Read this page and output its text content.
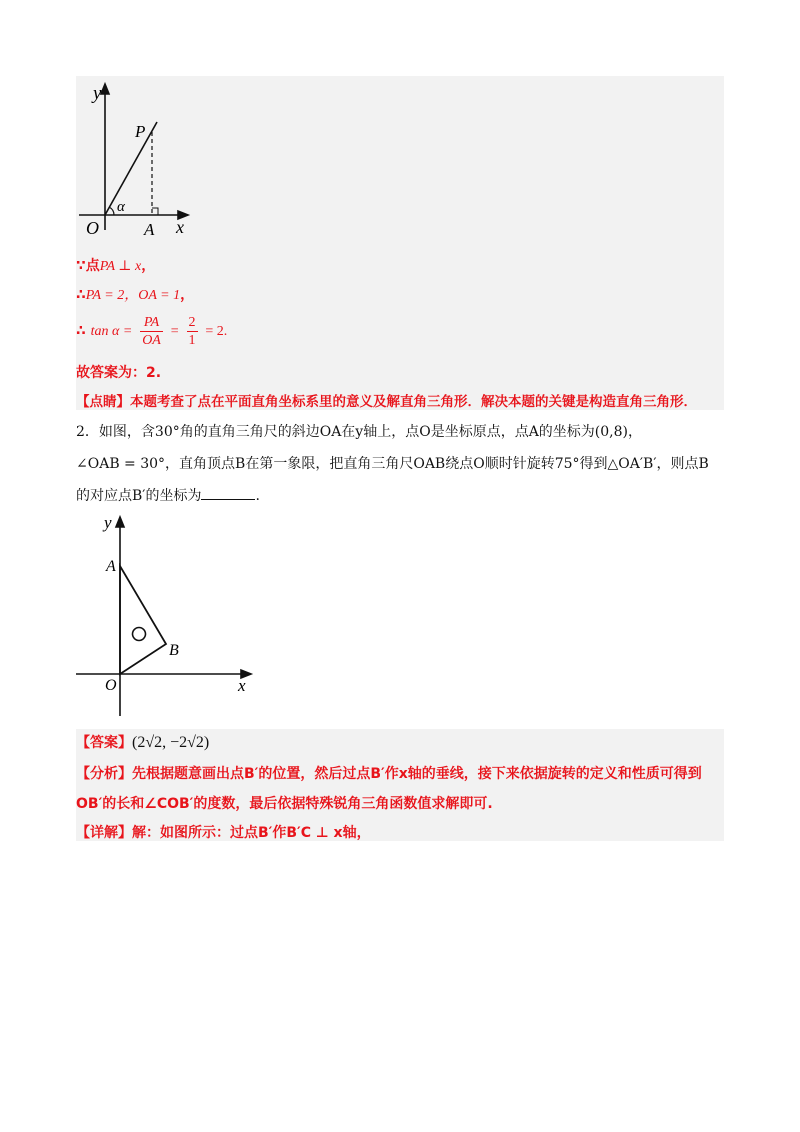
y
P
α
O	A x
∵点PA ⊥ x，
∴PA = 2，OA = 1，
∴ $\tan \alpha = \frac{PA}{OA} = \frac{2}{1} = 2$.
故答案为：2.
【点睛】本题考查了点在平面直角坐标系里的意义及解直角三角形．解决本题的关键是构造直角三角形．
2．如图，含30°角的直角三角尺的斜边OA在y轴上，点O是坐标原点，点A的坐标为(0,8)，
∠OAB = 30°，直角顶点B在第一象限，把直角三角尺OAB绕点O顺时针旋转75°得到△OA′B′，则点B
的对应点B′的坐标为	.
y
A
B
O	x
【答案】(2√2, −2√2)
【分析】先根据题意画出点B′的位置，然后过点B′作x轴的垂线，接下来依据旋转的定义和性质可得到
OB′的长和∠COB′的度数，最后依据特殊锐角三角函数值求解即可.
【详解】解：如图所示：过点B′作B′C ⊥ x轴，
